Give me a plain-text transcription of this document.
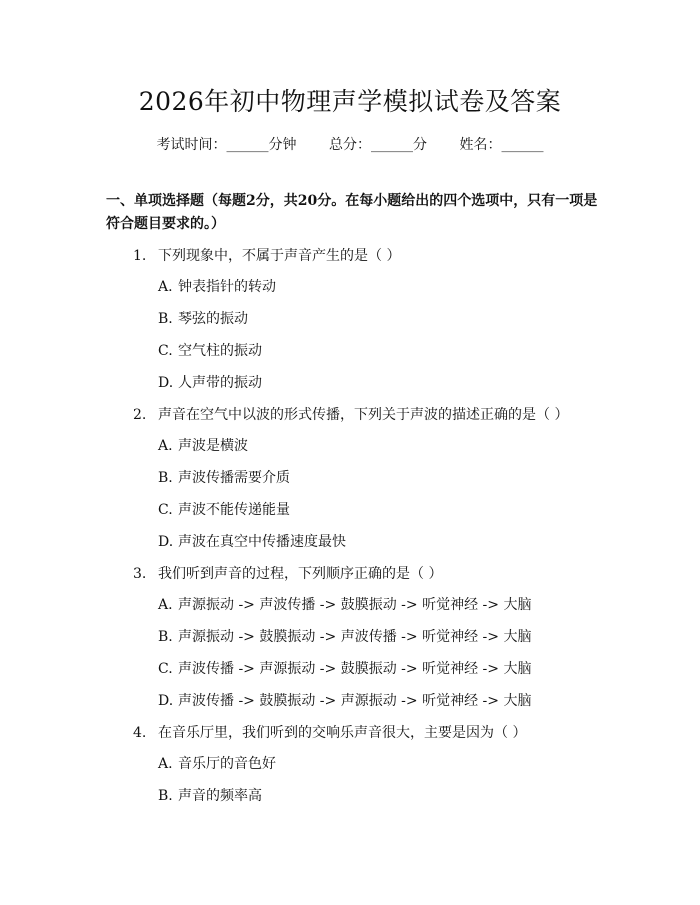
2026年初中物理声学模拟试卷及答案
考试时间：______分钟 总分：______分 姓名：______
一、单项选择题（每题2分，共20分。在每小题给出的四个选项中，只有一项是符合题目要求的。）
1. 下列现象中，不属于声音产生的是（ ）
A. 钟表指针的转动
B. 琴弦的振动
C. 空气柱的振动
D. 人声带的振动
2. 声音在空气中以波的形式传播，下列关于声波的描述正确的是（ ）
A. 声波是横波
B. 声波传播需要介质
C. 声波不能传递能量
D. 声波在真空中传播速度最快
3. 我们听到声音的过程，下列顺序正确的是（ ）
A. 声源振动 -> 声波传播 -> 鼓膜振动 -> 听觉神经 -> 大脑
B. 声源振动 -> 鼓膜振动 -> 声波传播 -> 听觉神经 -> 大脑
C. 声波传播 -> 声源振动 -> 鼓膜振动 -> 听觉神经 -> 大脑
D. 声波传播 -> 鼓膜振动 -> 声源振动 -> 听觉神经 -> 大脑
4. 在音乐厅里，我们听到的交响乐声音很大，主要是因为（ ）
A. 音乐厅的音色好
B. 声音的频率高
